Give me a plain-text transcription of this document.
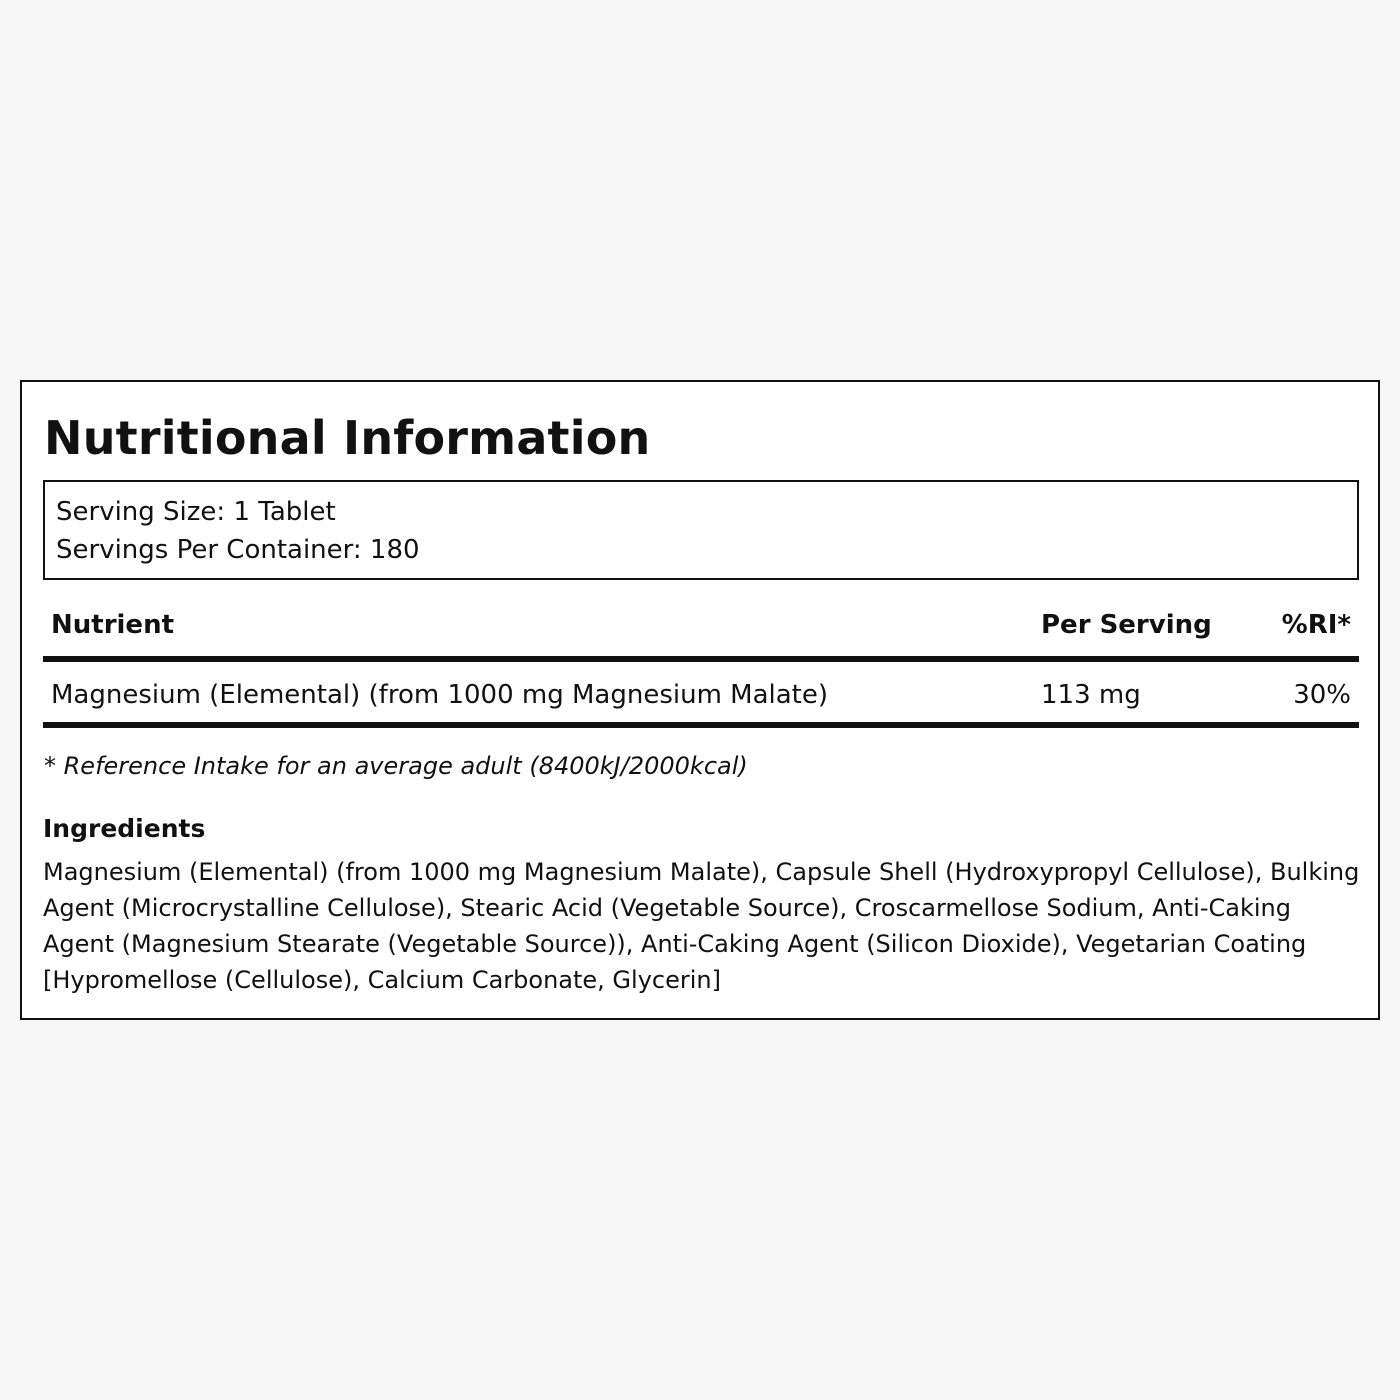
Nutritional Information
Serving Size: 1 Tablet
Servings Per Container: 180
Nutrient	Per Serving	%RI*
Magnesium (Elemental) (from 1000 mg Magnesium Malate)	113 mg	30%
* Reference Intake for an average adult (8400kJ/2000kcal)
Ingredients

Magnesium (Elemental) (from 1000 mg Magnesium Malate), Capsule Shell (Hydroxypropyl Cellulose), Bulking Agent (Microcrystalline Cellulose), Stearic Acid (Vegetable Source), Croscarmellose Sodium, Anti-Caking Agent (Magnesium Stearate (Vegetable Source)), Anti-Caking Agent (Silicon Dioxide), Vegetarian Coating [Hypromellose (Cellulose), Calcium Carbonate, Glycerin]
